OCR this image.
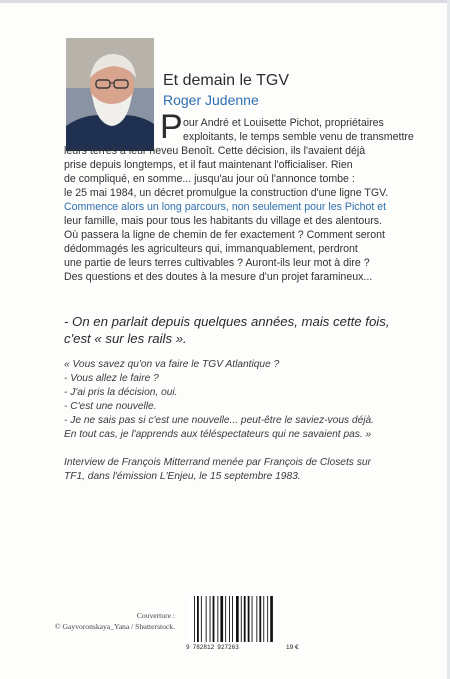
Et demain le TGV
Roger Judenne
P our André et Louisette Pichot, propriétaires
exploitants, le temps semble venu de transmettre
leurs terres à leur neveu Benoît. Cette décision, ils l'avaient déjà
prise depuis longtemps, et il faut maintenant l'officialiser. Rien
de compliqué, en somme... jusqu'au jour où l'annonce tombe :
le 25 mai 1984, un décret promulgue la construction d'une ligne TGV.
Commence alors un long parcours, non seulement pour les Pichot et
leur famille, mais pour tous les habitants du village et des alentours.
Où passera la ligne de chemin de fer exactement ? Comment seront
dédommagés les agriculteurs qui, immanquablement, perdront
une partie de leurs terres cultivables ? Auront-ils leur mot à dire ?
Des questions et des doutes à la mesure d'un projet faramineux...
- On en parlait depuis quelques années, mais cette fois,
c'est « sur les rails ».
« Vous savez qu'on va faire le TGV Atlantique ?
- Vous allez le faire ?
- J'ai pris la décision, oui.
- C'est une nouvelle.
- Je ne sais pas si c'est une nouvelle... peut-être le saviez-vous déjà.
En tout cas, je l'apprends aux téléspectateurs qui ne savaient pas. »
Interview de François Mitterrand menée par François de Closets sur
TF1, dans l'émission L'Enjeu, le 15 septembre 1983.
Couverture :
© Gayvoronskaya_Yana / Shutterstock.
9 782812 927263	19 €
